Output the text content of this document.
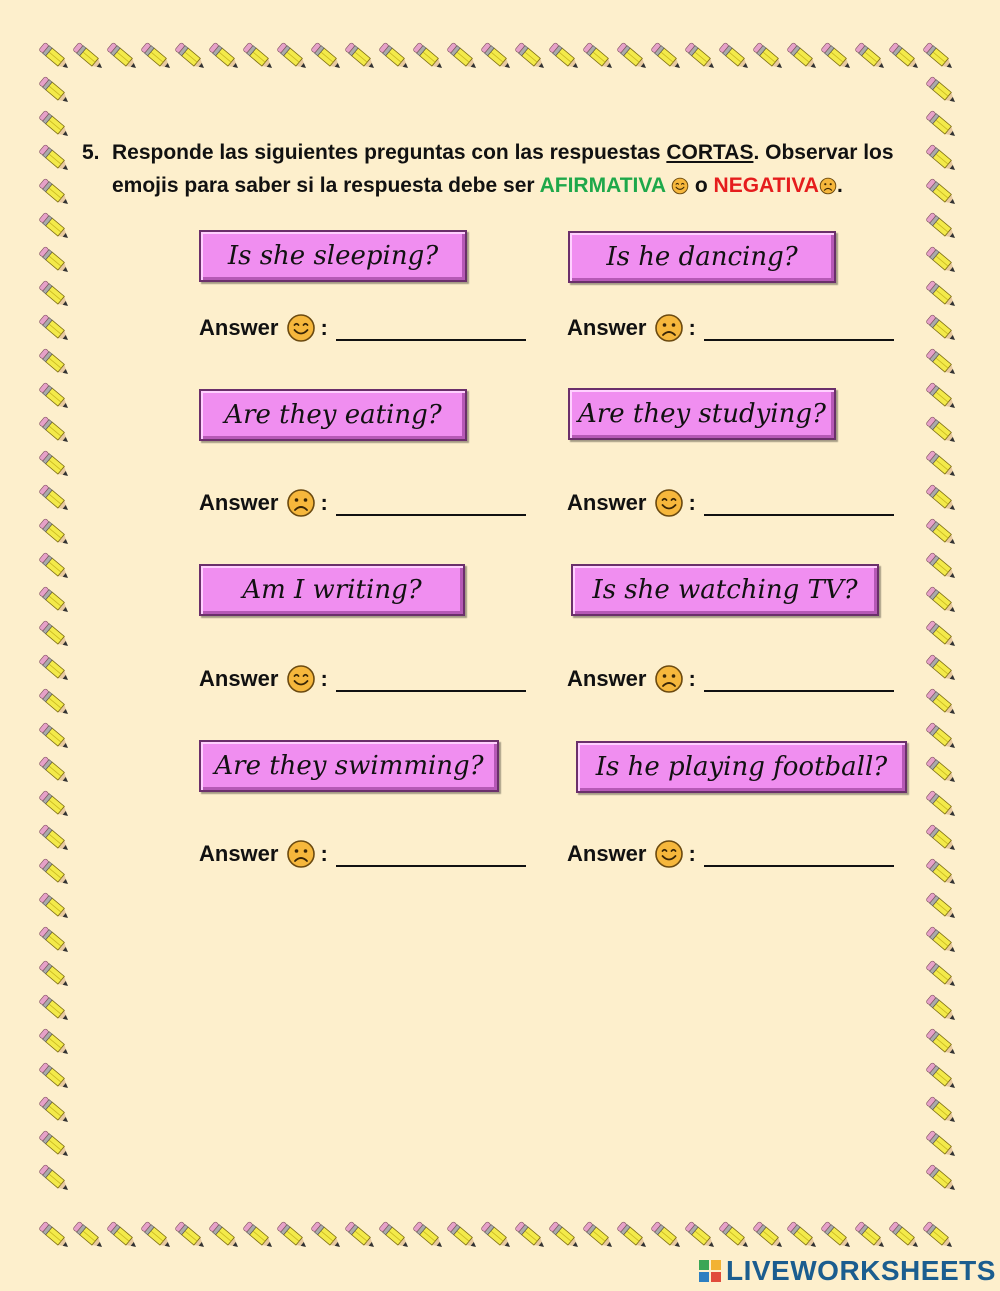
5. Responde las siguientes preguntas con las respuestas CORTAS. Observar los
emojis para saber si la respuesta debe ser AFIRMATIVA  o NEGATIVA .
Is she sleeping?	Is he dancing?
Are they eating?	Are they studying?
Am I writing?	Is she watching TV?
Are they swimming?	Is he playing football?
Answer :	Answer :
Answer :	Answer :
Answer :	Answer :
Answer :	Answer :
LIVEWORKSHEETS
